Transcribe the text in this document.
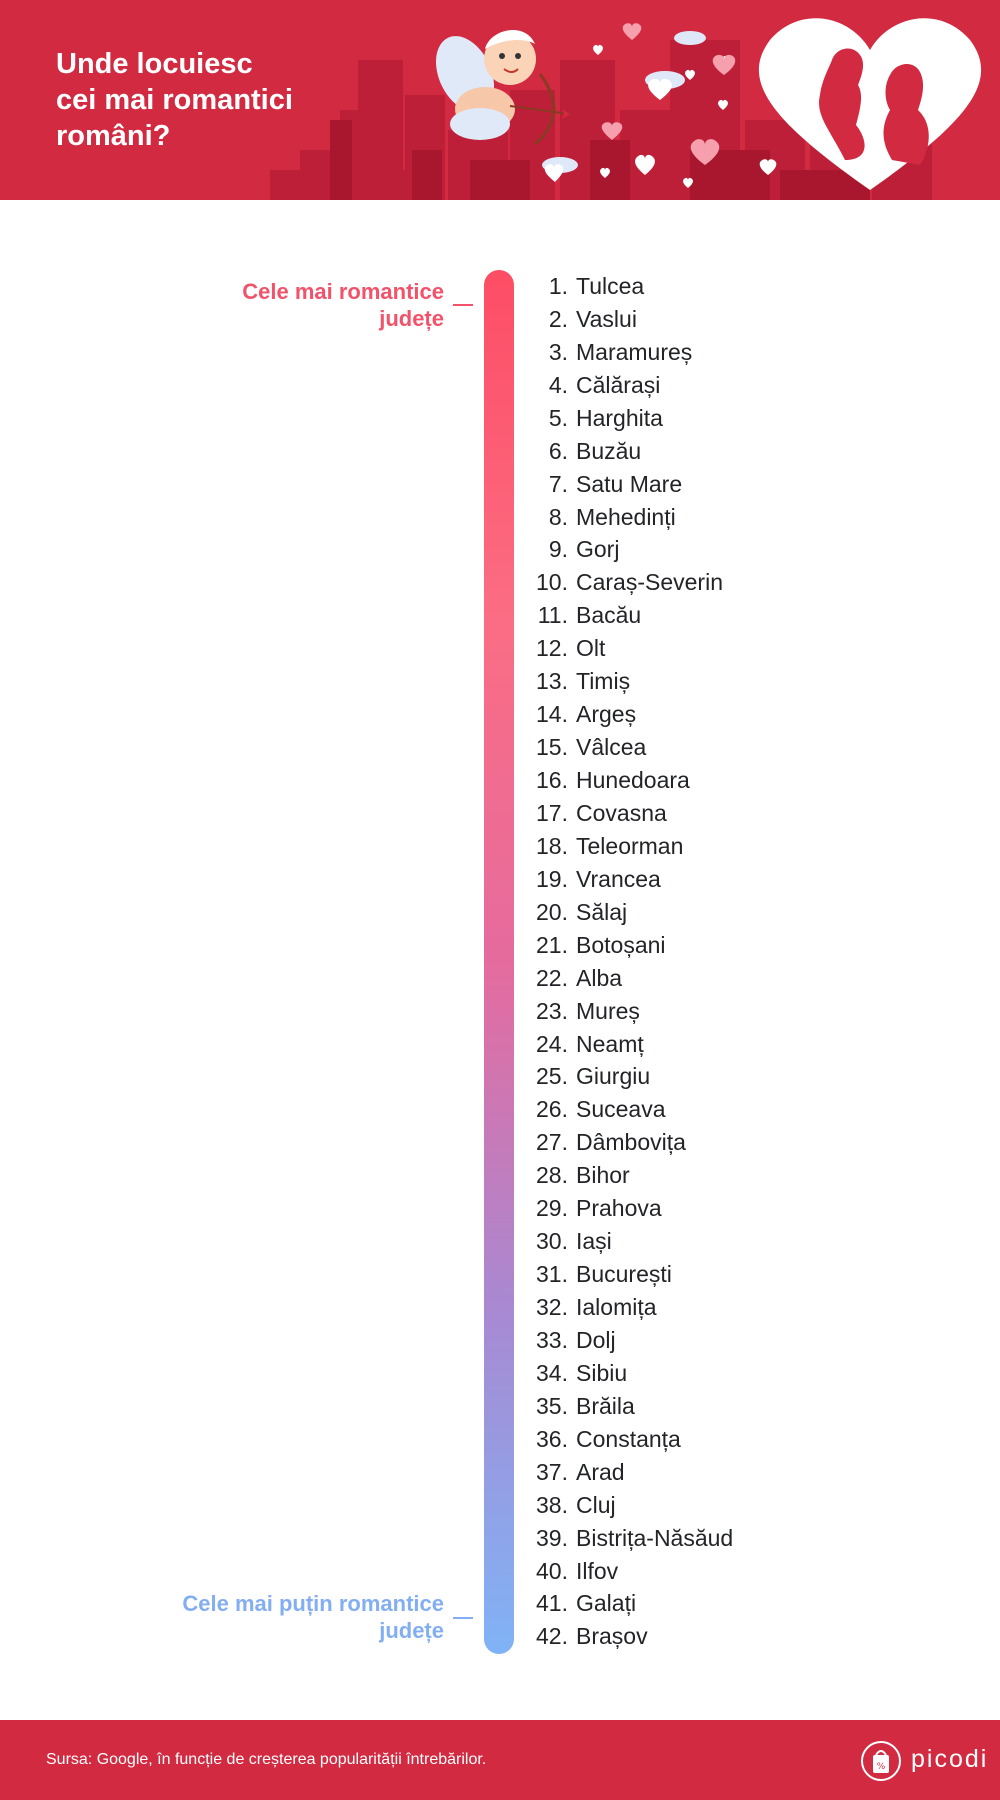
Unde locuiesc
cei mai romantici
români?
Cele mai romantice
județe
1. Tulcea
2. Vaslui
3. Maramureș
4. Călărași
5. Harghita
6. Buzău
7. Satu Mare
8. Mehedinți
9. Gorj
10. Caraș-Severin
11. Bacău
12. Olt
13. Timiș
14. Argeș
15. Vâlcea
16. Hunedoara
17. Covasna
18. Teleorman
19. Vrancea
20. Sălaj
21. Botoșani
22. Alba
23. Mureș
24. Neamț
25. Giurgiu
26. Suceava
27. Dâmbovița
28. Bihor
29. Prahova
30. Iași
31. București
32. Ialomița
33. Dolj
34. Sibiu
35. Brăila
36. Constanța
37. Arad
38. Cluj
39. Bistrița-Năsăud
40. Ilfov
41. Galați
42. Brașov
Cele mai puțin romantice
județe
Sursa: Google, în funcție de creșterea popularității întrebărilor.	% picodi
